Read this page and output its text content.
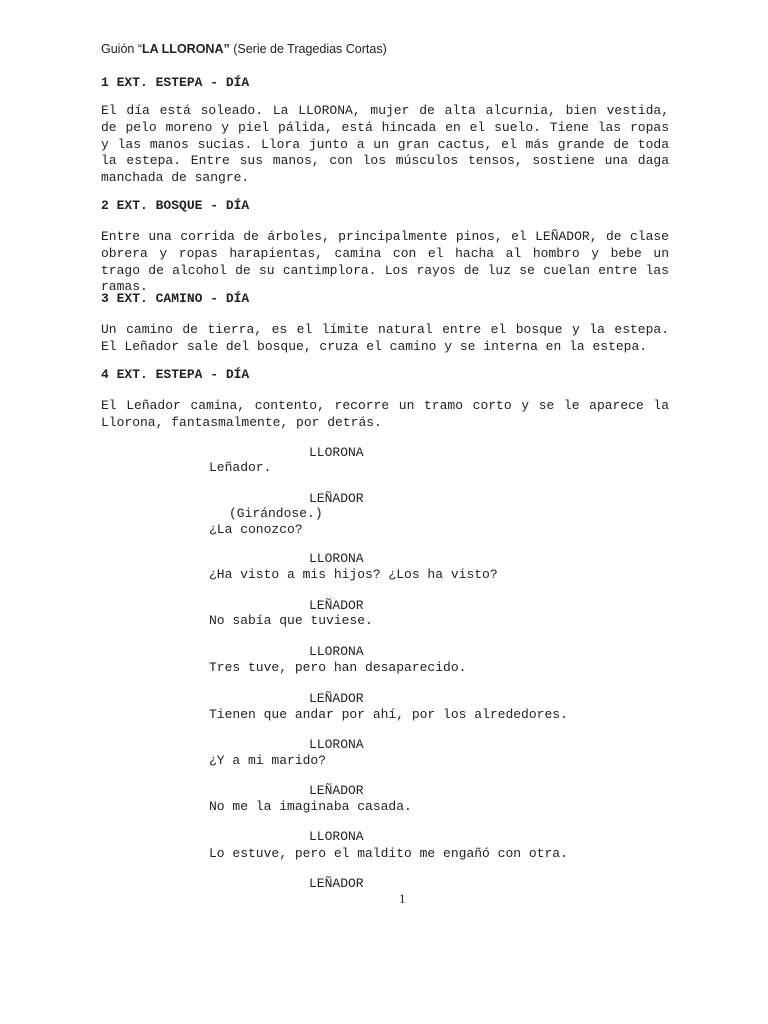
Guión “LA LLORONA” (Serie de Tragedias Cortas)
1 EXT. ESTEPA - DÍA
El día está soleado. La LLORONA, mujer de alta alcurnia, bien vestida, de pelo moreno y piel pálida, está hincada en el suelo. Tiene las ropas y las manos sucias. Llora junto a un gran cactus, el más grande de toda la estepa. Entre sus manos, con los músculos tensos, sostiene una daga manchada de sangre.
2 EXT. BOSQUE - DÍA
Entre una corrida de árboles, principalmente pinos, el LEÑADOR, de clase obrera y ropas harapientas, camina con el hacha al hombro y bebe un trago de alcohol de su cantimplora. Los rayos de luz se cuelan entre las ramas.
3 EXT. CAMINO - DÍA
Un camino de tierra, es el límite natural entre el bosque y la estepa. El Leñador sale del bosque, cruza el camino y se interna en la estepa.
4 EXT. ESTEPA - DÍA
El Leñador camina, contento, recorre un tramo corto y se le aparece la Llorona, fantasmalmente, por detrás.
LLORONA
Leñador.
LEÑADOR
(Girándose.)
¿La conozco?
LLORONA
¿Ha visto a mis hijos? ¿Los ha visto?
LEÑADOR
No sabía que tuviese.
LLORONA
Tres tuve, pero han desaparecido.
LEÑADOR
Tienen que andar por ahí, por los alrededores.
LLORONA
¿Y a mi marido?
LEÑADOR
No me la imaginaba casada.
LLORONA
Lo estuve, pero el maldito me engañó con otra.
LEÑADOR
1
